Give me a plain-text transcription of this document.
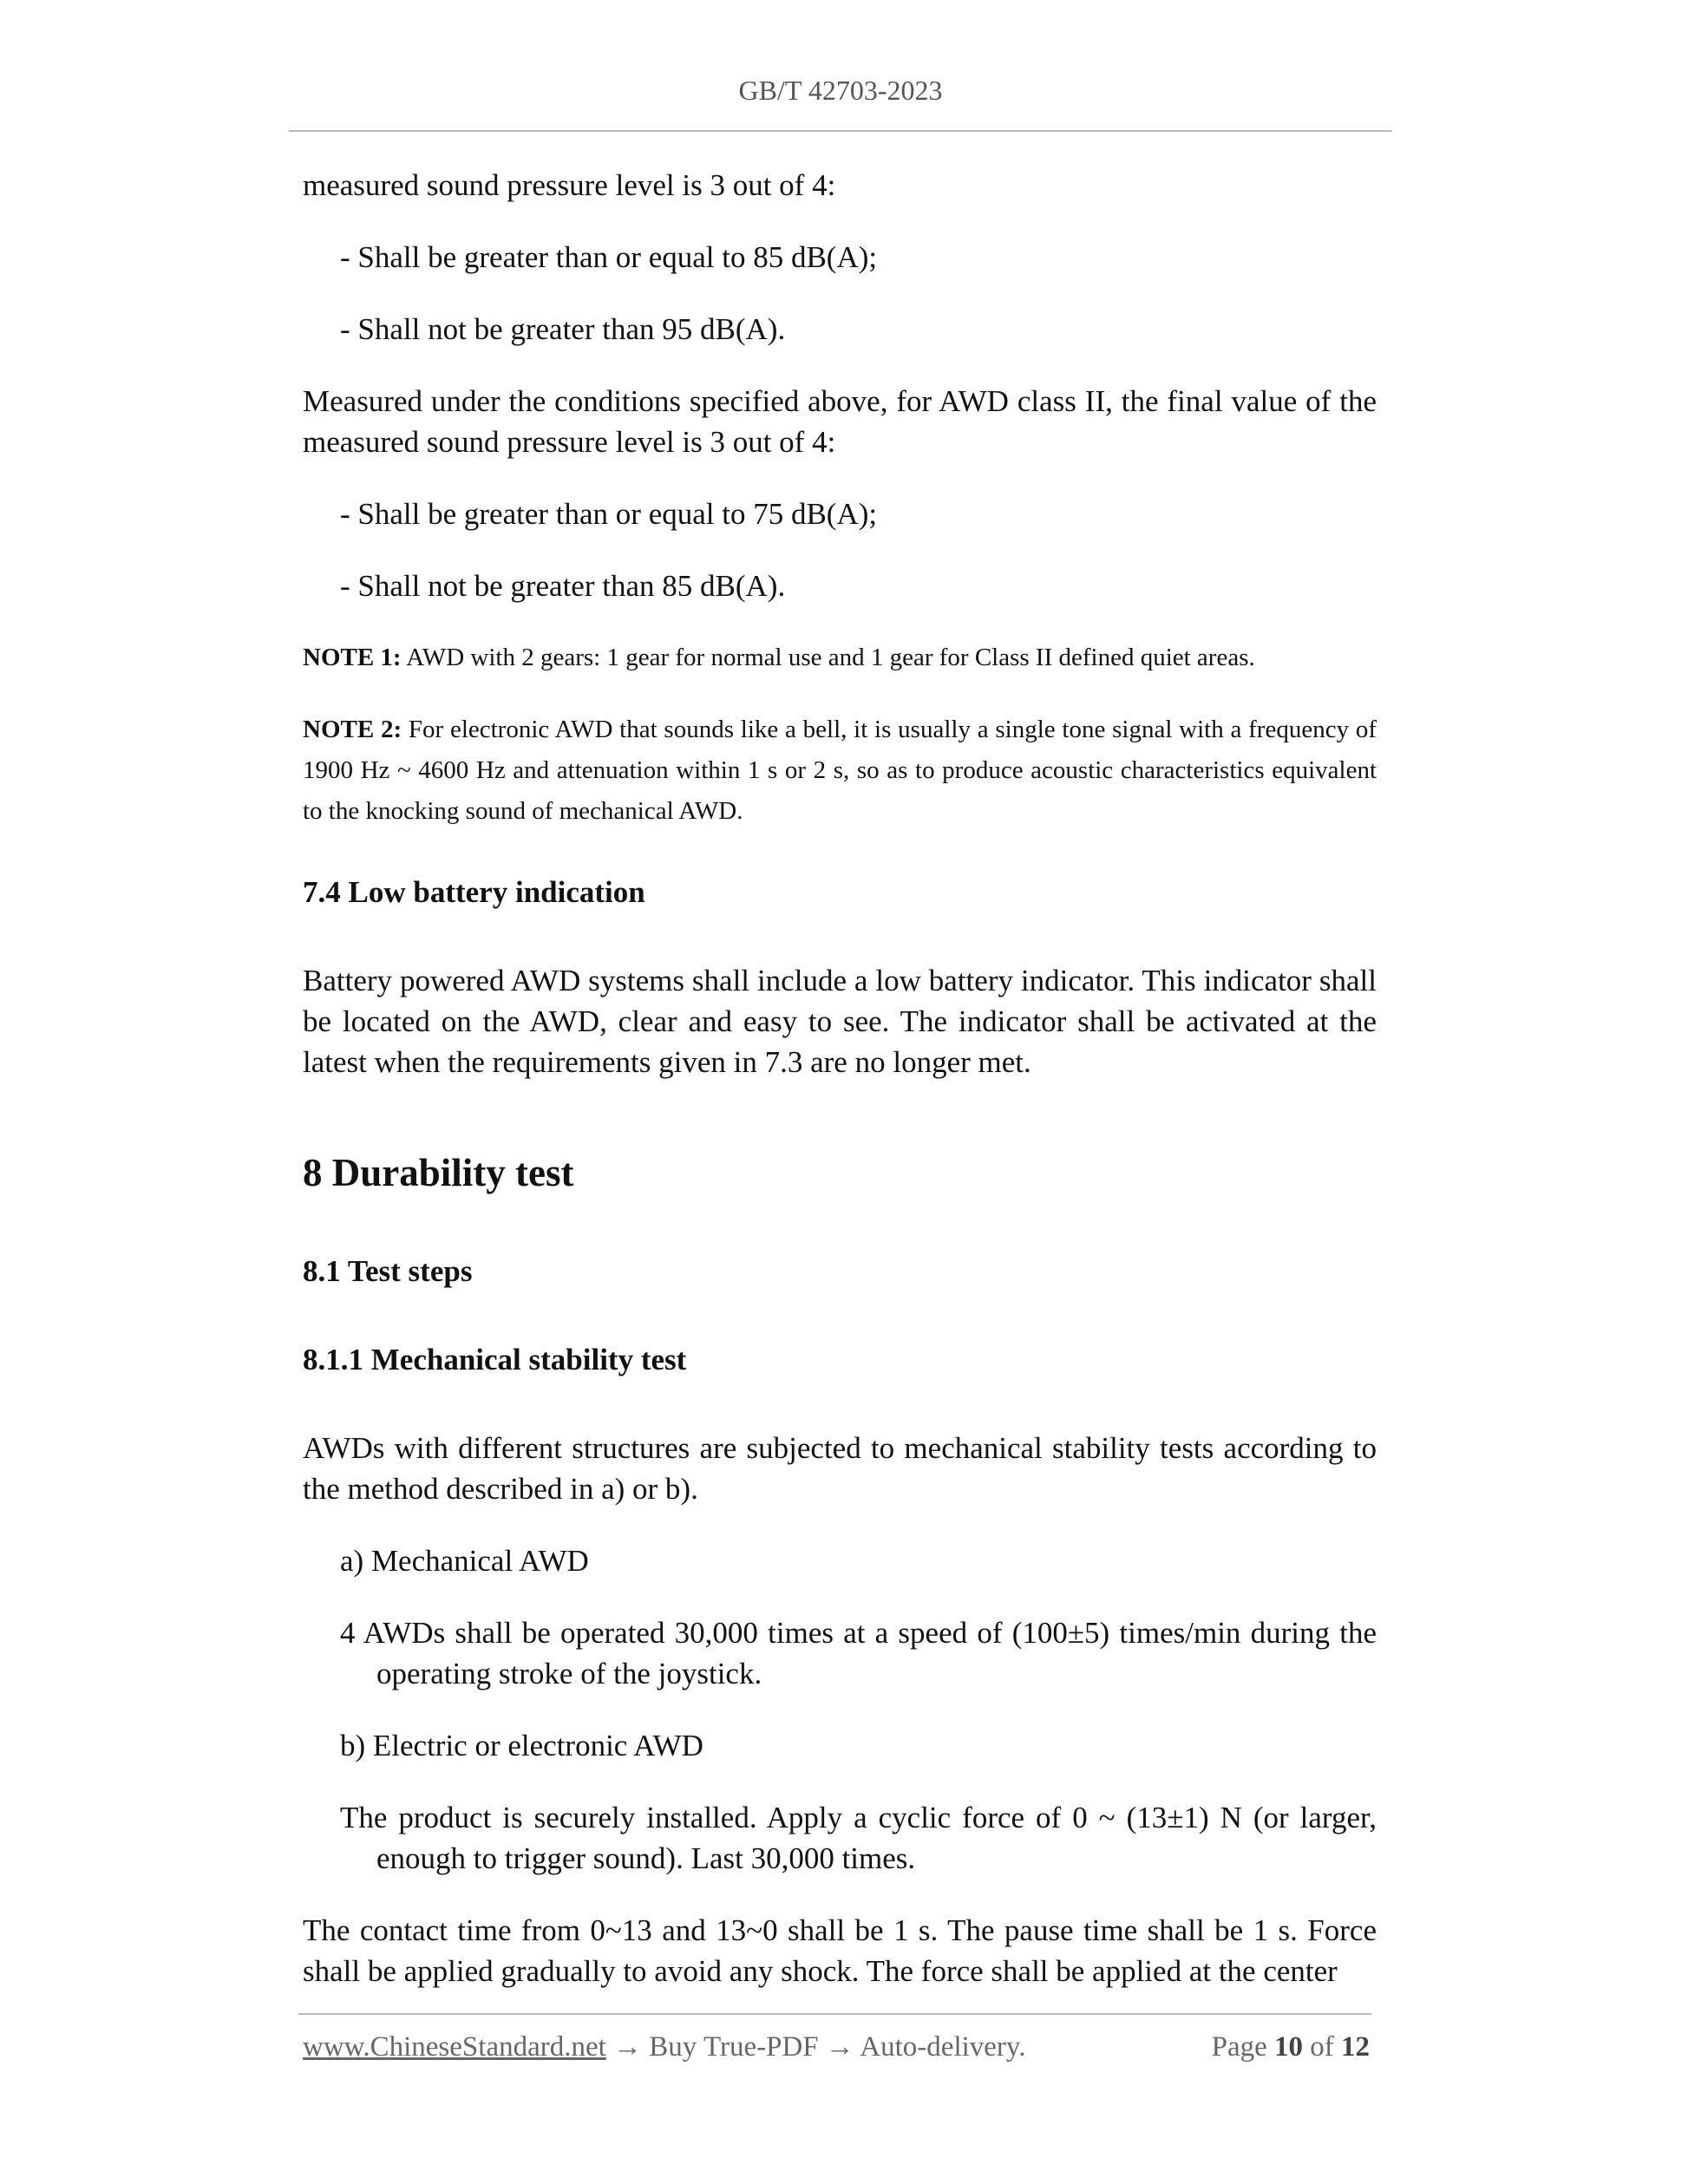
GB/T 42703-2023

measured sound pressure level is 3 out of 4:

- Shall be greater than or equal to 85 dB(A);

- Shall not be greater than 95 dB(A).

Measured under the conditions specified above, for AWD class II, the final value of the measured sound pressure level is 3 out of 4:

- Shall be greater than or equal to 75 dB(A);

- Shall not be greater than 85 dB(A).

NOTE 1: AWD with 2 gears: 1 gear for normal use and 1 gear for Class II defined quiet areas.

NOTE 2: For electronic AWD that sounds like a bell, it is usually a single tone signal with a frequency of 1900 Hz ~ 4600 Hz and attenuation within 1 s or 2 s, so as to produce acoustic characteristics equivalent to the knocking sound of mechanical AWD.

7.4 Low battery indication

Battery powered AWD systems shall include a low battery indicator. This indicator shall be located on the AWD, clear and easy to see. The indicator shall be activated at the latest when the requirements given in 7.3 are no longer met.

8 Durability test

8.1 Test steps

8.1.1 Mechanical stability test

AWDs with different structures are subjected to mechanical stability tests according to the method described in a) or b).

a) Mechanical AWD

4 AWDs shall be operated 30,000 times at a speed of (100±5) times/min during the operating stroke of the joystick.

b) Electric or electronic AWD

The product is securely installed. Apply a cyclic force of 0 ~ (13±1) N (or larger, enough to trigger sound). Last 30,000 times.

The contact time from 0~13 and 13~0 shall be 1 s. The pause time shall be 1 s. Force shall be applied gradually to avoid any shock. The force shall be applied at the center

www.ChineseStandard.net → Buy True-PDF → Auto-delivery.	Page 10 of 12
